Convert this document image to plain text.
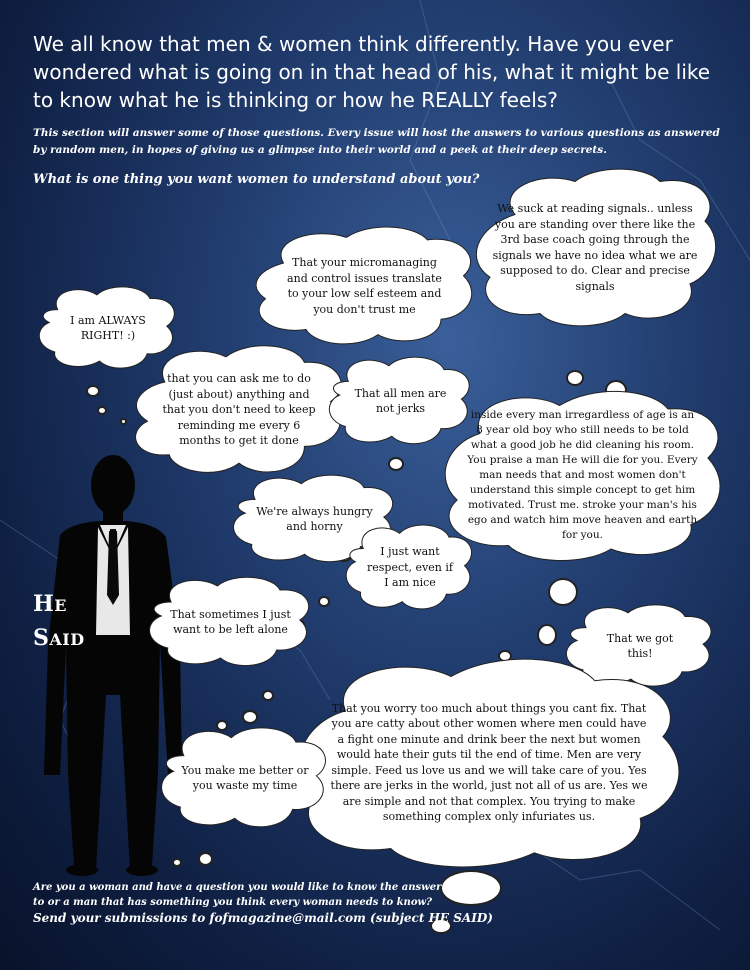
We all know that men & women think differently. Have you ever wondered what is going on in that head of his, what it might be like to know what he is thinking or how he REALLY feels?

This section will answer some of those questions. Every issue will host the answers to various questions as answered by random men, in hopes of giving us a glimpse into their world and a peek at their deep secrets.

What is one thing you want women to understand about you?

HE
SAID
We suck at reading signals.. unless you are standing over there like the 3rd base coach going through the signals we have no idea what we are supposed to do. Clear and precise signals
That your micromanaging and control issues translate to your low self esteem and you don't trust me
I am ALWAYS RIGHT! :)
that you can ask me to do (just about) anything and that you don't need to keep reminding me every 6 months to get it done
That all men are not jerks	inside every man irregardless of age is an 8 year old boy who still needs to be told what a good job he did cleaning his room. You praise a man He will die for you. Every man needs that and most women don't understand this simple concept to get him motivated. Trust me. stroke your man's his ego and watch him move heaven and earth for you.
We're always hungry and horny
I just want respect, even if I am nice
That sometimes I just want to be left alone
That we got this!
That you worry too much about things you cant fix. That you are catty about other women where men could have a fight one minute and drink beer the next but women would hate their guts til the end of time. Men are very simple. Feed us love us and we will take care of you. Yes there are jerks in the world, just not all of us are. Yes we are simple and not that complex. You trying to make something complex only infuriates us.
You make me better or you waste my time

Are you a woman and have a question you would like to know the answer to or a man that has something you think every woman needs to know?

Send your submissions to fofmagazine@mail.com (subject HE SAID)
